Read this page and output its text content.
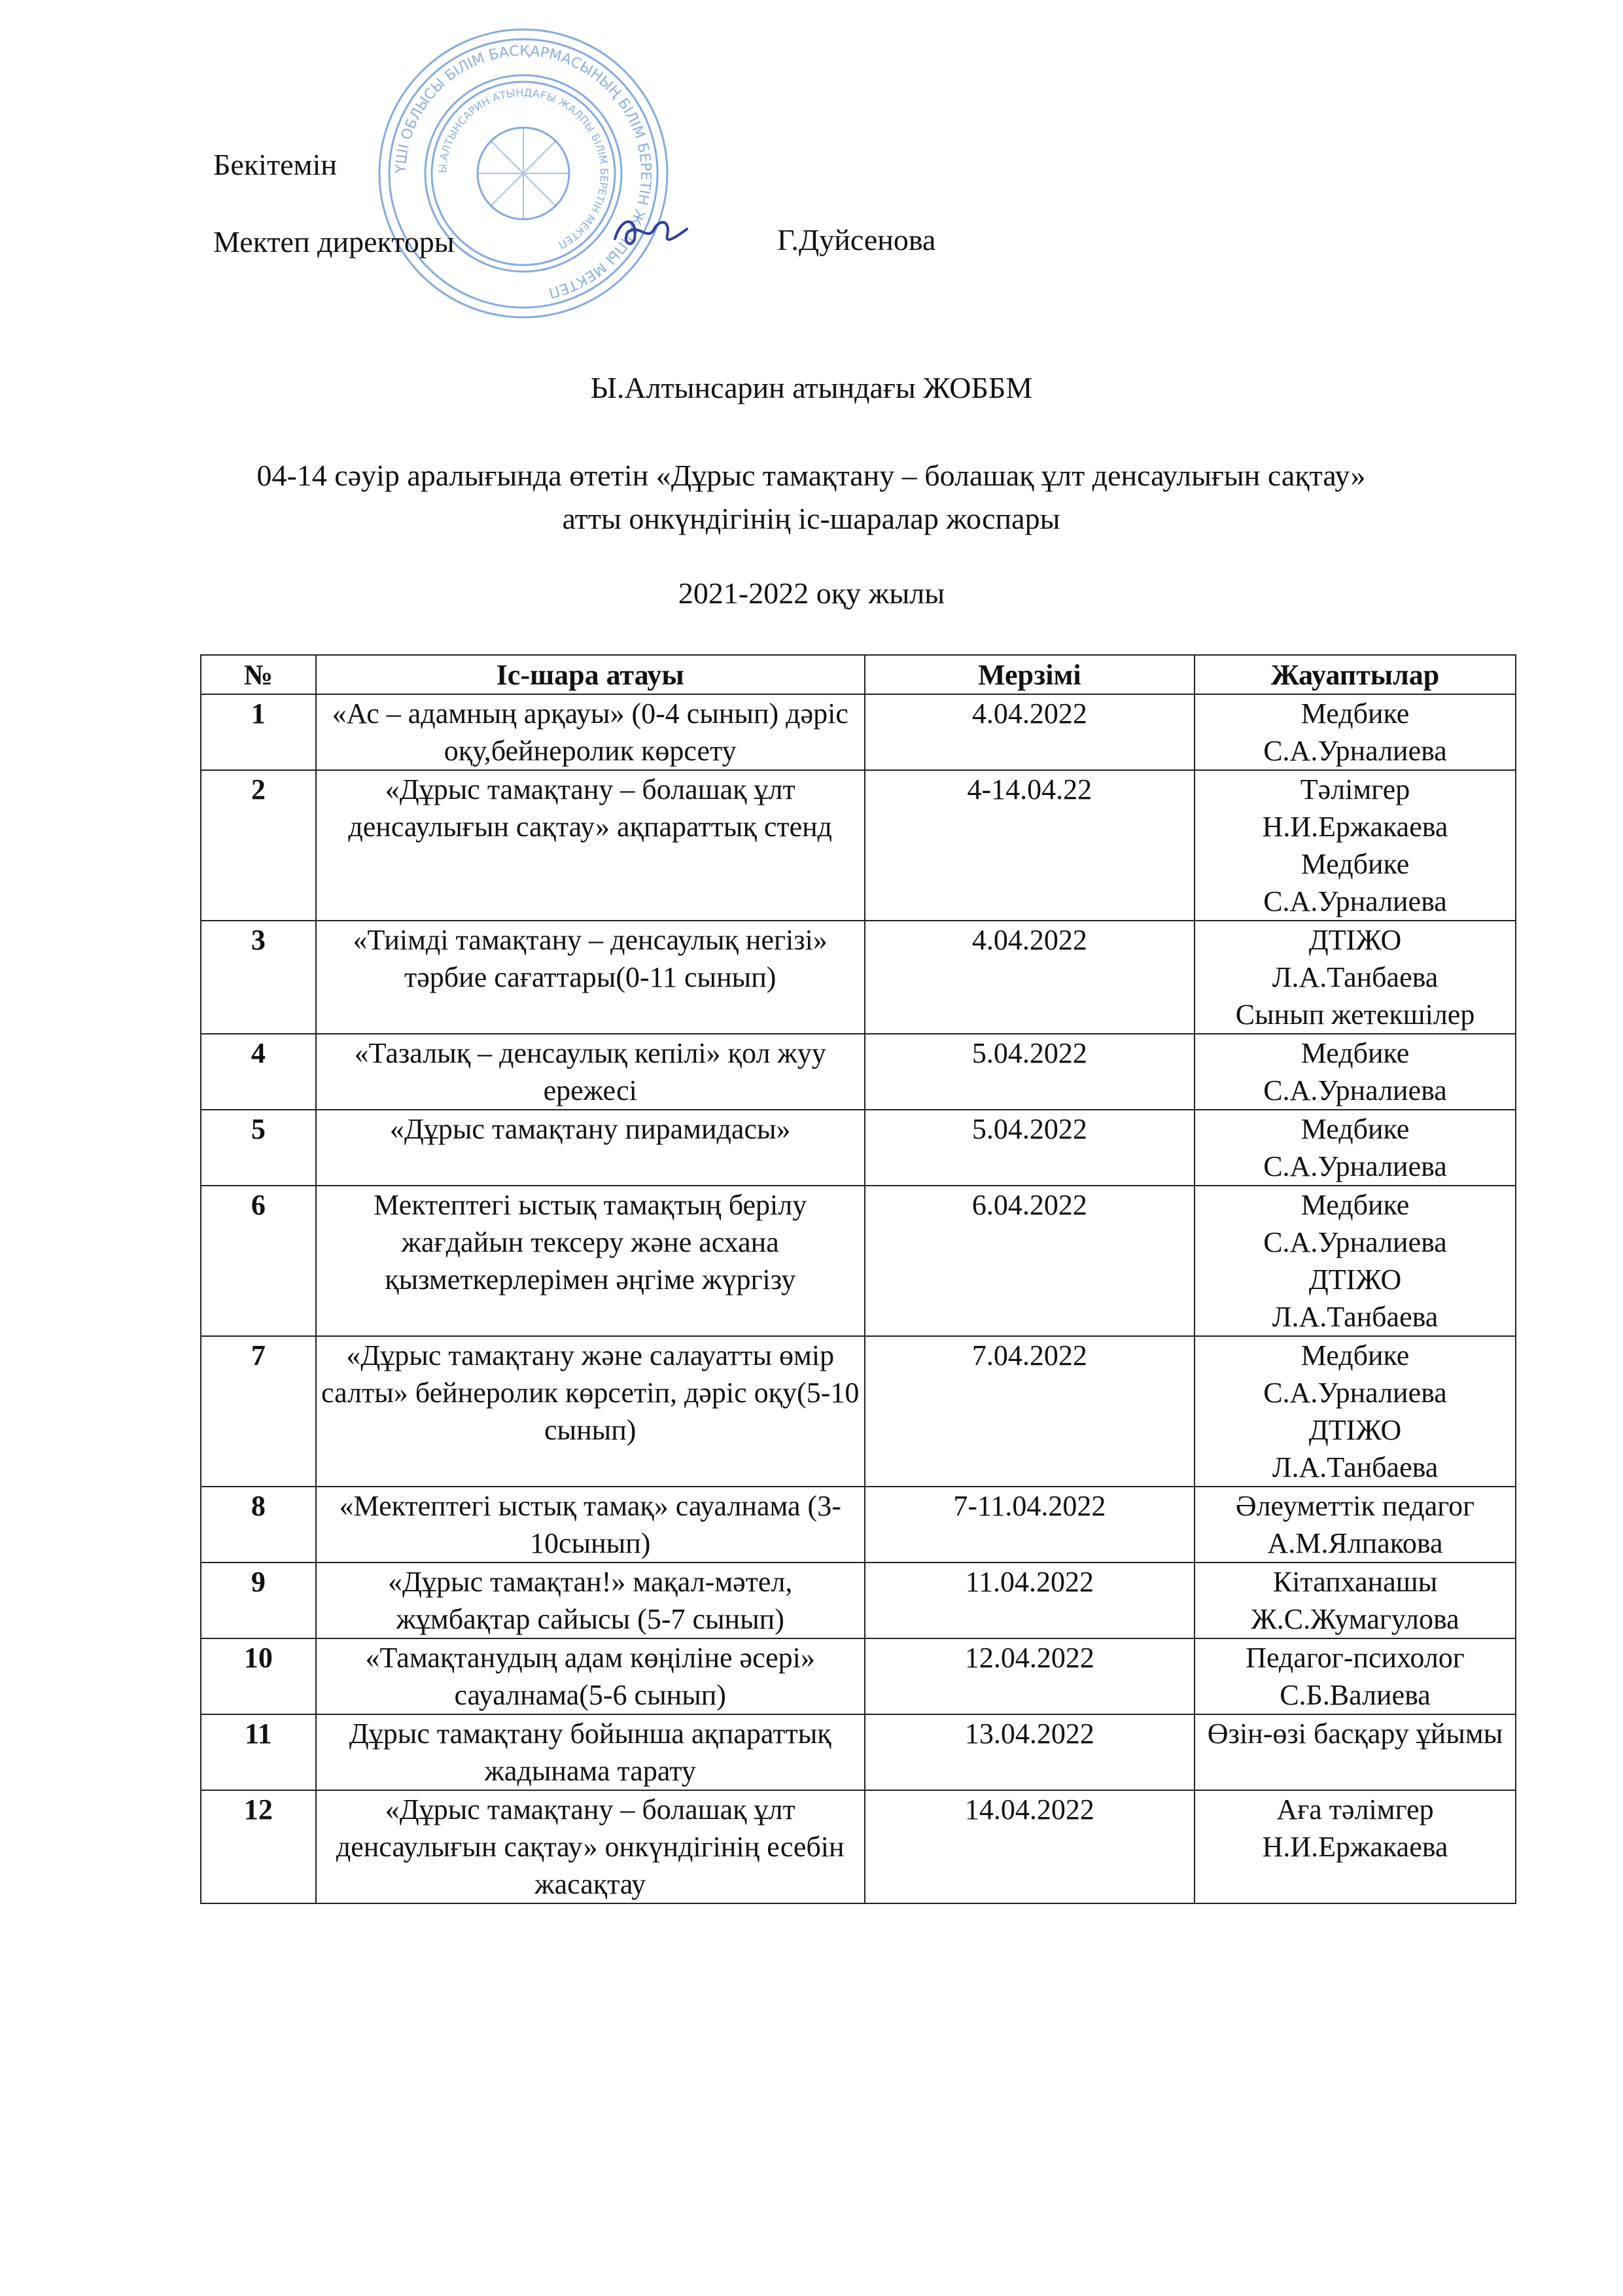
ҮШІ ОБЛЫСЫ БІЛІМ БАСҚАРМАСЫНЫҢ БІЛІМ БЕРЕТІН ЖАЛПЫ МЕКТЕП
Ы.АЛТЫНСАРИН АТЫНДАҒЫ ЖАЛПЫ БІЛІМ БЕРЕТІН МЕКТЕП
Бекітемін
Мектеп директоры	Г.Дуйсенова
Ы.Алтынсарин атындағы ЖОББМ
04-14 сәуір аралығында өтетін «Дұрыс тамақтану – болашақ ұлт денсаулығын сақтау» атты онкүндігінің іс-шаралар жоспары
2021-2022 оқу жылы
№	Іс-шара атауы	Мерзімі	Жауаптылар
1	«Ас – адамның арқауы» (0-4 сынып) дәріс оқу,бейнеролик көрсету	4.04.2022	Медбике
С.А.Урналиева

2	«Дұрыс тамақтану – болашақ ұлт денсаулығын сақтау» ақпараттық стенд	4-14.04.22	Тәлімгер
Н.И.Ержакаева
Медбике
С.А.Урналиева

3	«Тиімді тамақтану – денсаулық негізі» тәрбие сағаттары(0-11 сынып)	4.04.2022	ДТІЖО
Л.А.Танбаева
Сынып жетекшілер

4	«Тазалық – денсаулық кепілі» қол жуу ережесі	5.04.2022	Медбике
С.А.Урналиева

5	«Дұрыс тамақтану пирамидасы»	5.04.2022	Медбике
С.А.Урналиева

6	Мектептегі ыстық тамақтың берілу жағдайын тексеру және асхана қызметкерлерімен әңгіме жүргізу	6.04.2022	Медбике
С.А.Урналиева
ДТІЖО
Л.А.Танбаева

7	«Дұрыс тамақтану және салауатты өмір салты» бейнеролик көрсетіп, дәріс оқу(5-10 сынып)	7.04.2022	Медбике
С.А.Урналиева
ДТІЖО
Л.А.Танбаева

8	«Мектептегі ыстық тамақ» сауалнама (3-10сынып)	7-11.04.2022	Әлеуметтік педагог
А.М.Ялпакова

9	«Дұрыс тамақтан!» мақал-мәтел, жұмбақтар сайысы (5-7 сынып)	11.04.2022	Кітапханашы
Ж.С.Жумагулова

10	«Тамақтанудың адам көңіліне әсері» сауалнама(5-6 сынып)	12.04.2022	Педагог-психолог
С.Б.Валиева

11	Дұрыс тамақтану бойынша ақпараттық жадынама тарату	13.04.2022	Өзін-өзі басқару ұйымы

12	«Дұрыс тамақтану – болашақ ұлт денсаулығын сақтау» онкүндігінің есебін жасақтау	14.04.2022	Аға тәлімгер
Н.И.Ержакаева
